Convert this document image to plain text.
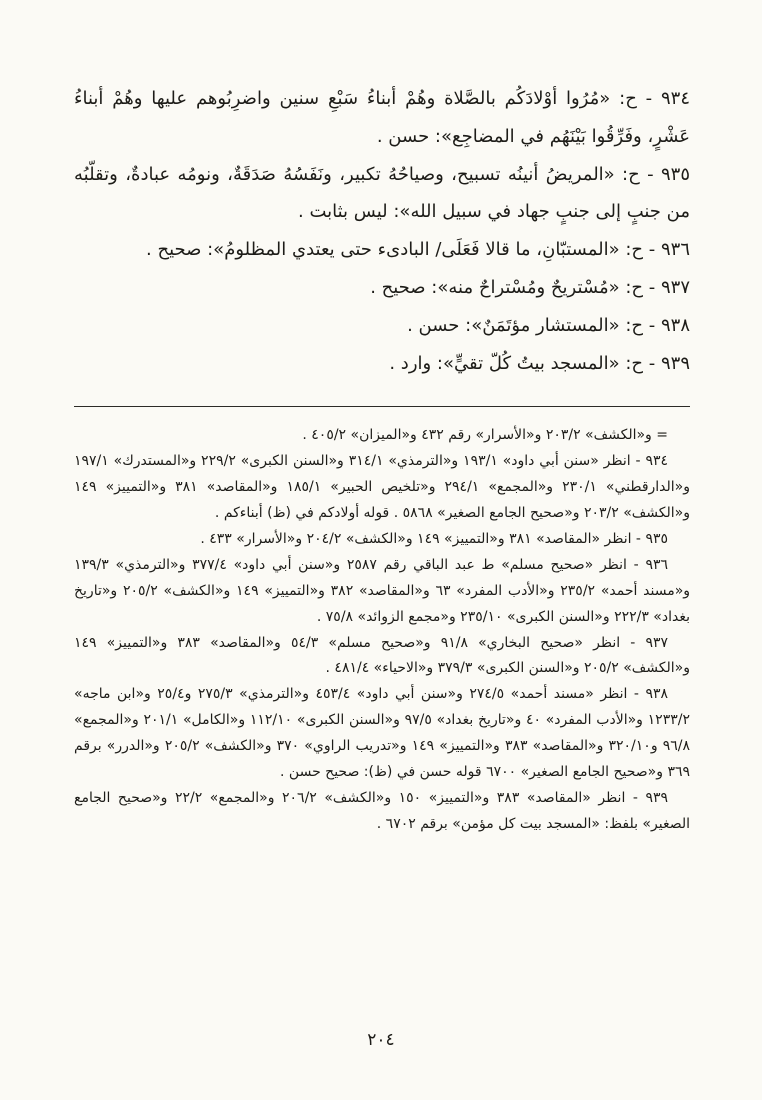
٩٣٤ - ح: «مُرُوا أوْلادَكُم بالصَّلاة وهُمْ أبناءُ سَبْعِ سنين واضرِبُوهم عليها وهُمْ أبناءُ عَشْرٍ، وفَرِّقُوا بَيْنَهُم في المضاجِع»: حسن .

٩٣٥ - ح: «المريضُ أنينُه تسبيح، وصياحُهُ تكبير، ونَفَسُهُ صَدَقَةٌ، ونومُه عبادةٌ، وتقلّبُه من جنبٍ إلى جنبٍ جهاد في سبيل الله»: ليس بثابت .

٩٣٦ - ح: «المستبّانِ، ما قالا فَعَلَى/ البادىء حتى يعتدي المظلومُ»: صحيح .

٩٣٧ - ح: «مُسْتريحٌ ومُسْتراحٌ منه»: صحيح .

٩٣٨ - ح: «المستشار مؤتَمَنٌ»: حسن .

٩٣٩ - ح: «المسجد بيتُ كُلّ تقيٍّ»: وارد .

= و«الكشف» ٢٠٣/٢ و«الأسرار» رقم ٤٣٢ و«الميزان» ٤٠٥/٢ .

٩٣٤ - انظر «سنن أبي داود» ١٩٣/١ و«الترمذي» ٣١٤/١ و«السنن الكبرى» ٢٢٩/٢ و«المستدرك» ١٩٧/١ و«الدارقطني» ٢٣٠/١ و«المجمع» ٢٩٤/١ و«تلخيص الحبير» ١٨٥/١ و«المقاصد» ٣٨١ و«التمييز» ١٤٩ و«الكشف» ٢٠٣/٢ و«صحيح الجامع الصغير» ٥٨٦٨ . قوله أولادكم في (ظ) أبناءكم .

٩٣٥ - انظر «المقاصد» ٣٨١ و«التمييز» ١٤٩ و«الكشف» ٢٠٤/٢ و«الأسرار» ٤٣٣ .

٩٣٦ - انظر «صحيح مسلم» ط عبد الباقي رقم ٢٥٨٧ و«سنن أبي داود» ٣٧٧/٤ و«الترمذي» ١٣٩/٣ و«مسند أحمد» ٢٣٥/٢ و«الأدب المفرد» ٦٣ و«المقاصد» ٣٨٢ و«التمييز» ١٤٩ و«الكشف» ٢٠٥/٢ و«تاريخ بغداد» ٢٢٢/٣ و«السنن الكبرى» ٢٣٥/١٠ و«مجمع الزوائد» ٧٥/٨ .

٩٣٧ - انظر «صحيح البخاري» ٩١/٨ و«صحيح مسلم» ٥٤/٣ و«المقاصد» ٣٨٣ و«التمييز» ١٤٩ و«الكشف» ٢٠٥/٢ و«السنن الكبرى» ٣٧٩/٣ و«الاحياء» ٤٨١/٤ .

٩٣٨ - انظر «مسند أحمد» ٢٧٤/٥ و«سنن أبي داود» ٤٥٣/٤ و«الترمذي» ٢٧٥/٣ و٢٥/٤ و«ابن ماجه» ١٢٣٣/٢ و«الأدب المفرد» ٤٠ و«تاريخ بغداد» ٩٧/٥ و«السنن الكبرى» ١١٢/١٠ و«الكامل» ٢٠١/١ و«المجمع» ٩٦/٨ و٣٢٠/١٠ و«المقاصد» ٣٨٣ و«التمييز» ١٤٩ و«تدريب الراوي» ٣٧٠ و«الكشف» ٢٠٥/٢ و«الدرر» برقم ٣٦٩ و«صحيح الجامع الصغير» ٦٧٠٠ قوله حسن في (ظ): صحيح حسن .

٩٣٩ - انظر «المقاصد» ٣٨٣ و«التمييز» ١٥٠ و«الكشف» ٢٠٦/٢ و«المجمع» ٢٢/٢ و«صحيح الجامع الصغير» بلفظ: «المسجد بيت كل مؤمن» برقم ٦٧٠٢ .

٢٠٤
